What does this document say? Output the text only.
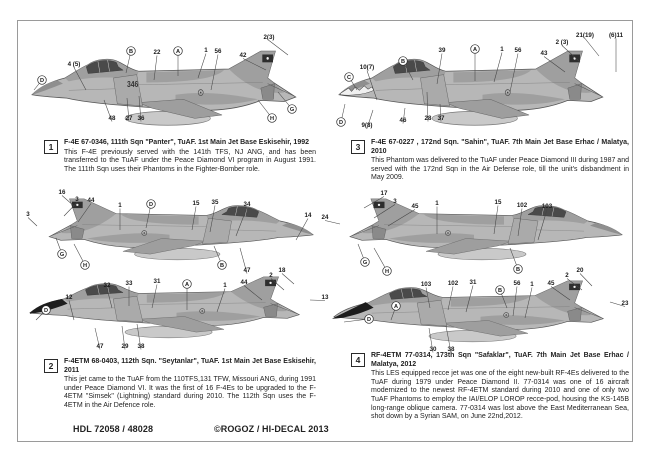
346
D
4 (5)
B	22	A	1 56
42
2(3)
48 27 36	H
G
C
10(7)
B
39	A	1 56	43
2 (3)
21(19) (6)11
D	9(8)
46	28 37
16
3 44
3
1	D	15 35	34
14
G
H	B
47
24
17
3
45	1	15 102 103
G
H	B
D
12
32 33	31
A	1 44
2
18
13
47	29 38
D
A
103	102 31
B
56 1 45
2
20
23
30 38
1	F-4E 67-0346, 111th Sqn "Panter", TuAF. 1st Main Jet Base Eskisehir, 1992

This F-4E previously served with the 141th TFS, NJ ANG, and has been transferred to the TuAF under the Peace Diamond VI program in August 1991. The 111th Sqn uses their Phantoms in the Fighter-Bomber role.

3	F-4E 67-0227 , 172nd Sqn. "Sahin", TuAF. 7th Main Jet Base Erhac / Malatya, 2010

This Phantom was delivered to the TuAF under Peace Diamond III during 1987 and served with the 172nd Sqn in the Air Defense role, till the unit's disbandment in May 2009.

2	F-4ETM 68-0403, 112th Sqn. "Seytanlar", TuAF. 1st Main Jet Base Eskisehir, 2011

This jet came to the TuAF from the 110TFS,131 TFW, Missouri ANG, during 1991 under Peace Diamond VI. It was the first of 16 F-4Es to be upgraded to the F-4ETM "Simsek" (Lightning) standard during 2010. The 112th Sqn uses the F-4ETM in the Air Defence role.

4	RF-4ETM 77-0314, 173th Sqn "Safaklar", TuAF. 7th Main Jet Base Erhac / Malatya, 2012

This LES equipped recce jet was one of the eight new-built RF-4Es delivered to the TuAF during 1979 under Peace Diamond II. 77-0314 was one of 16 aircraft modernized to the newest RF-4ETM standard during 2010 and one of only two TuAF Phantoms to employ the IAI/ELOP LOROP recce-pod, housing the KS-145B long-range oblique camera. 77-0314 was lost above the East Mediterranean Sea, shot down by a Syrian SAM, on June 22nd,2012.

HDL 72058 / 48028	©ROGOZ / HI-DECAL 2013
